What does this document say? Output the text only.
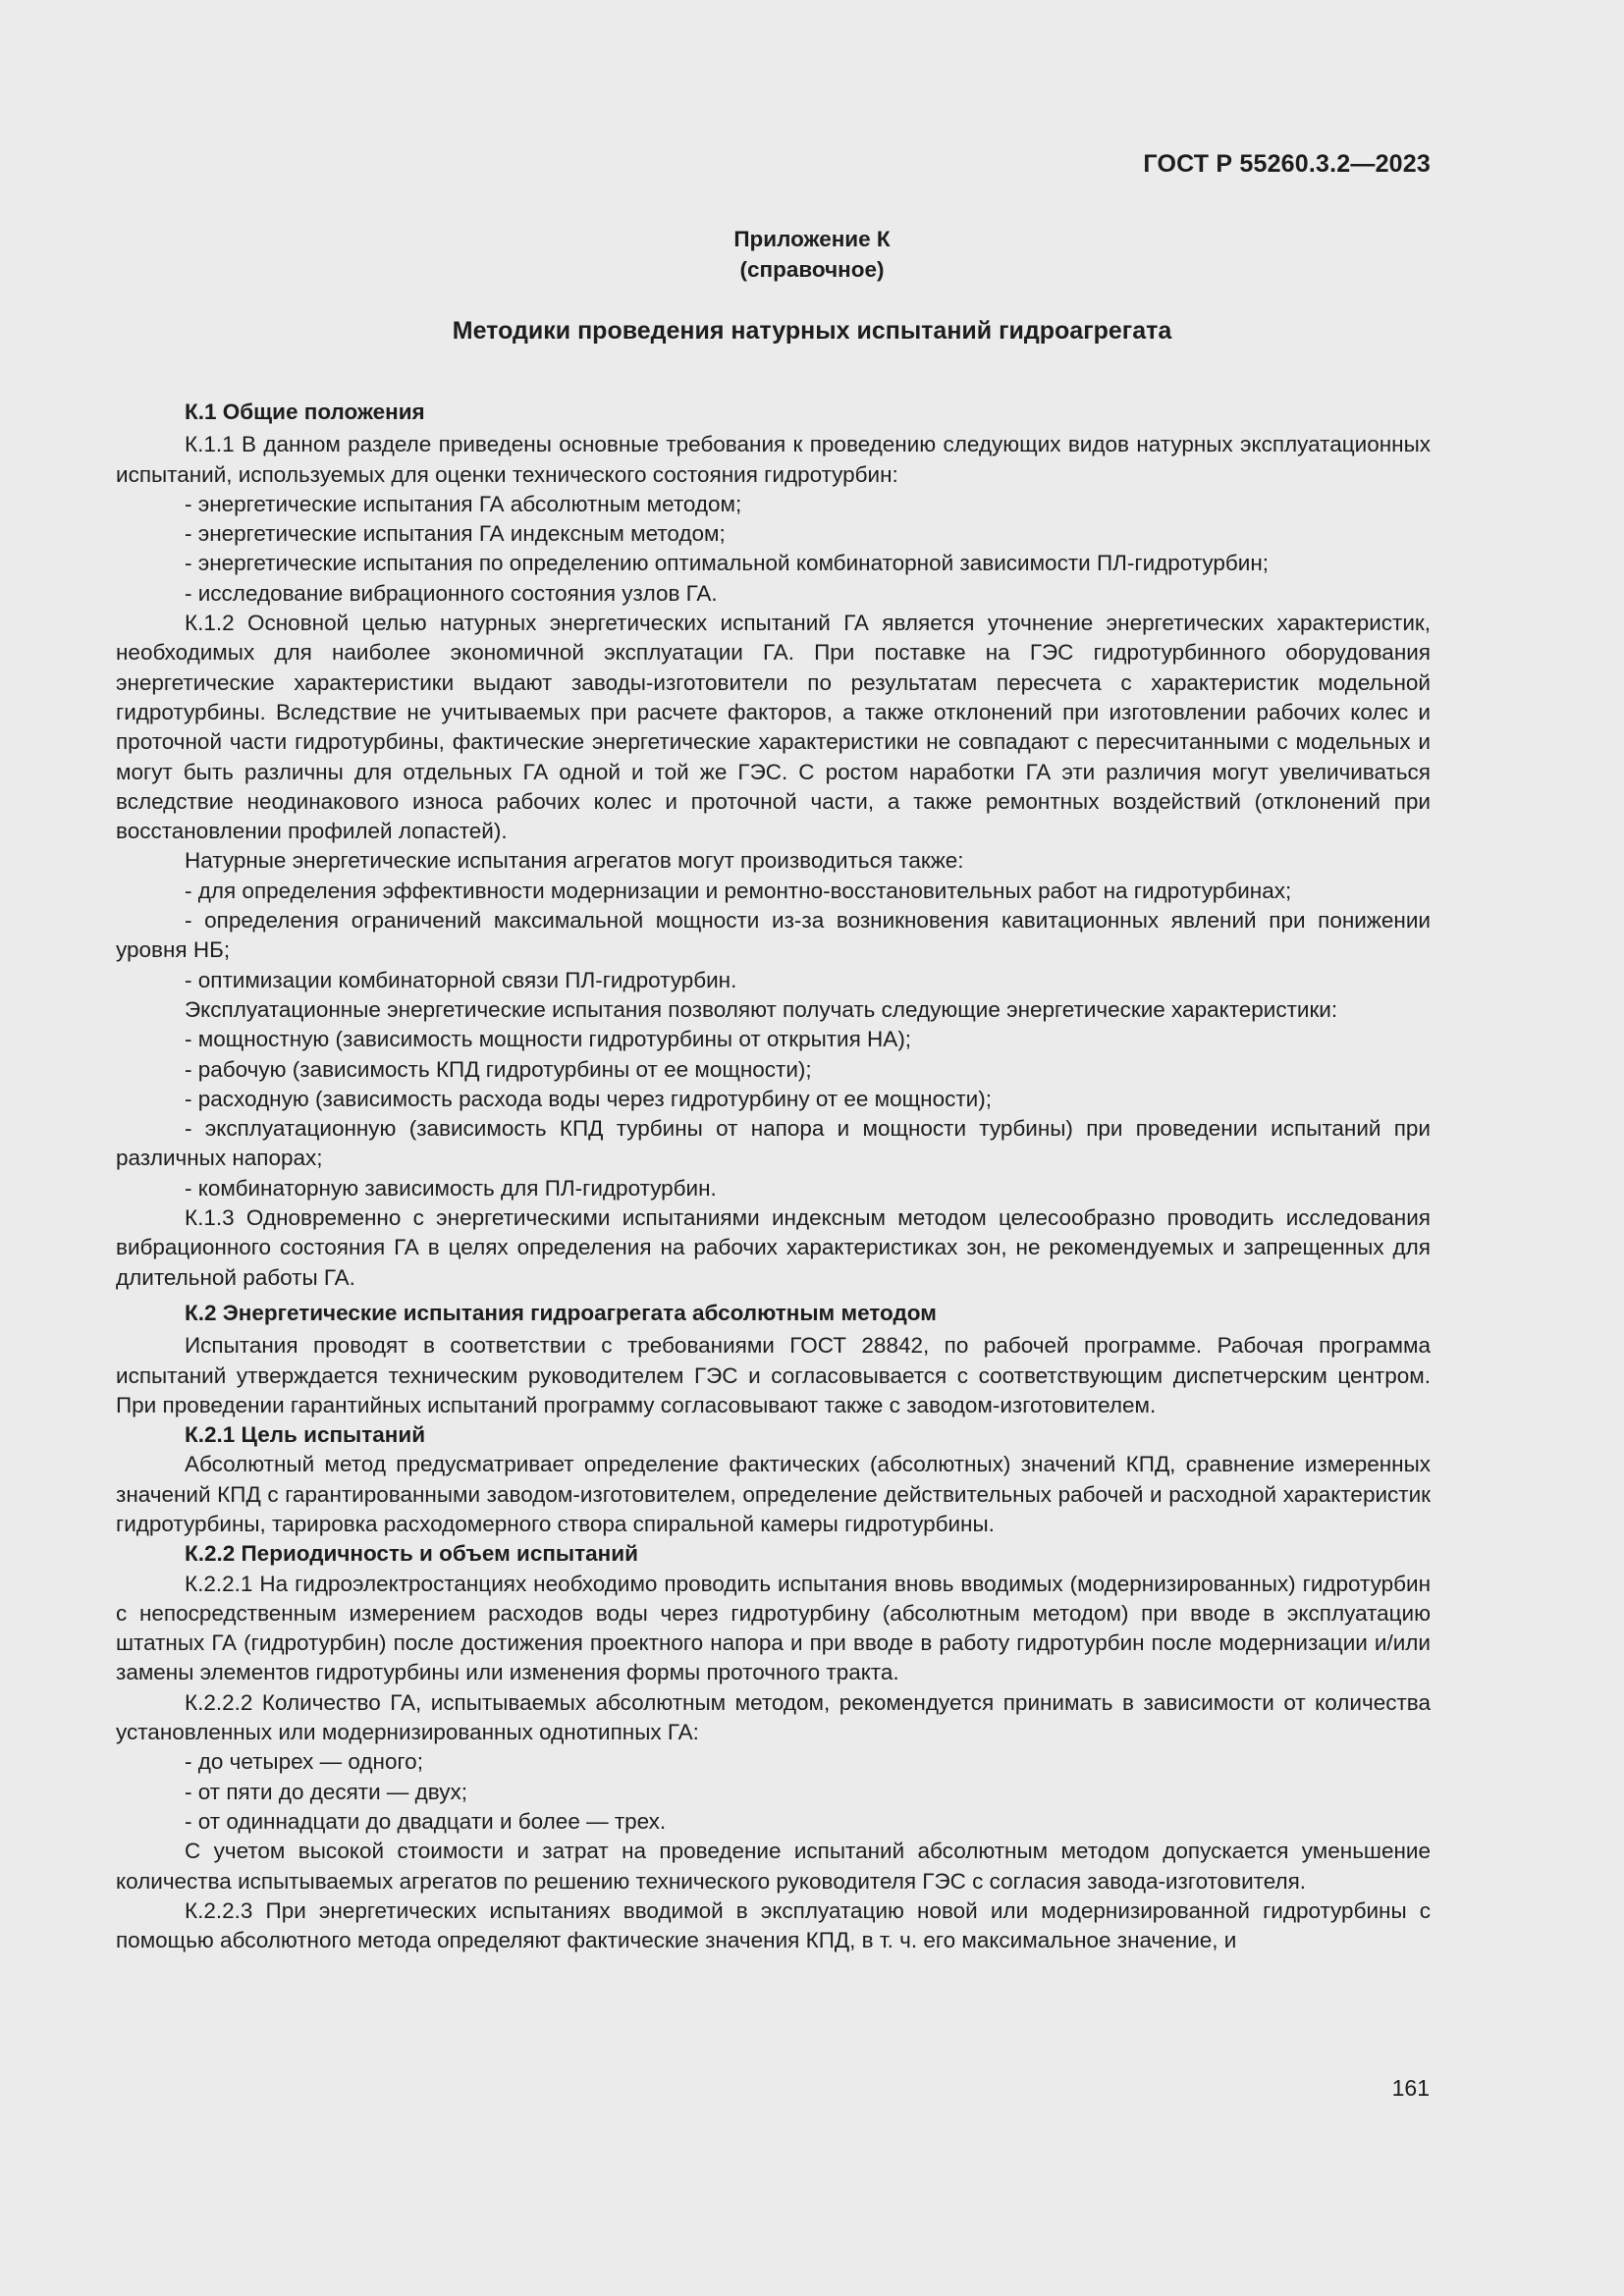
ГОСТ Р 55260.3.2—2023
Приложение К
(справочное)
Методики проведения натурных испытаний гидроагрегата

К.1 Общие положения

К.1.1 В данном разделе приведены основные требования к проведению следующих видов натурных эксплуатационных испытаний, используемых для оценки технического состояния гидротурбин:

- энергетические испытания ГА абсолютным методом;

- энергетические испытания ГА индексным методом;

- энергетические испытания по определению оптимальной комбинаторной зависимости ПЛ-гидротурбин;

- исследование вибрационного состояния узлов ГА.

К.1.2 Основной целью натурных энергетических испытаний ГА является уточнение энергетических характеристик, необходимых для наиболее экономичной эксплуатации ГА. При поставке на ГЭС гидротурбинного оборудования энергетические характеристики выдают заводы-изготовители по результатам пересчета с характеристик модельной гидротурбины. Вследствие не учитываемых при расчете факторов, а также отклонений при изготовлении рабочих колес и проточной части гидротурбины, фактические энергетические характеристики не совпадают с пересчитанными с модельных и могут быть различны для отдельных ГА одной и той же ГЭС. С ростом наработки ГА эти различия могут увеличиваться вследствие неодинакового износа рабочих колес и проточной части, а также ремонтных воздействий (отклонений при восстановлении профилей лопастей).

Натурные энергетические испытания агрегатов могут производиться также:

- для определения эффективности модернизации и ремонтно-восстановительных работ на гидротурбинах;

- определения ограничений максимальной мощности из-за возникновения кавитационных явлений при понижении уровня НБ;

- оптимизации комбинаторной связи ПЛ-гидротурбин.

Эксплуатационные энергетические испытания позволяют получать следующие энергетические характеристики:

- мощностную (зависимость мощности гидротурбины от открытия НА);

- рабочую (зависимость КПД гидротурбины от ее мощности);

- расходную (зависимость расхода воды через гидротурбину от ее мощности);

- эксплуатационную (зависимость КПД турбины от напора и мощности турбины) при проведении испытаний при различных напорах;

- комбинаторную зависимость для ПЛ-гидротурбин.

К.1.3 Одновременно с энергетическими испытаниями индексным методом целесообразно проводить исследования вибрационного состояния ГА в целях определения на рабочих характеристиках зон, не рекомендуемых и запрещенных для длительной работы ГА.

К.2 Энергетические испытания гидроагрегата абсолютным методом

Испытания проводят в соответствии с требованиями ГОСТ 28842, по рабочей программе. Рабочая программа испытаний утверждается техническим руководителем ГЭС и согласовывается с соответствующим диспетчерским центром. При проведении гарантийных испытаний программу согласовывают также с заводом-изготовителем.

К.2.1 Цель испытаний

Абсолютный метод предусматривает определение фактических (абсолютных) значений КПД, сравнение измеренных значений КПД с гарантированными заводом-изготовителем, определение действительных рабочей и расходной характеристик гидротурбины, тарировка расходомерного створа спиральной камеры гидротурбины.

К.2.2 Периодичность и объем испытаний

К.2.2.1 На гидроэлектростанциях необходимо проводить испытания вновь вводимых (модернизированных) гидротурбин с непосредственным измерением расходов воды через гидротурбину (абсолютным методом) при вводе в эксплуатацию штатных ГА (гидротурбин) после достижения проектного напора и при вводе в работу гидротурбин после модернизации и/или замены элементов гидротурбины или изменения формы проточного тракта.

К.2.2.2 Количество ГА, испытываемых абсолютным методом, рекомендуется принимать в зависимости от количества установленных или модернизированных однотипных ГА:

- до четырех — одного;

- от пяти до десяти — двух;

- от одиннадцати до двадцати и более — трех.

С учетом высокой стоимости и затрат на проведение испытаний абсолютным методом допускается уменьшение количества испытываемых агрегатов по решению технического руководителя ГЭС с согласия завода-изготовителя.

К.2.2.3 При энергетических испытаниях вводимой в эксплуатацию новой или модернизированной гидротурбины с помощью абсолютного метода определяют фактические значения КПД, в т. ч. его максимальное значение, и

161
